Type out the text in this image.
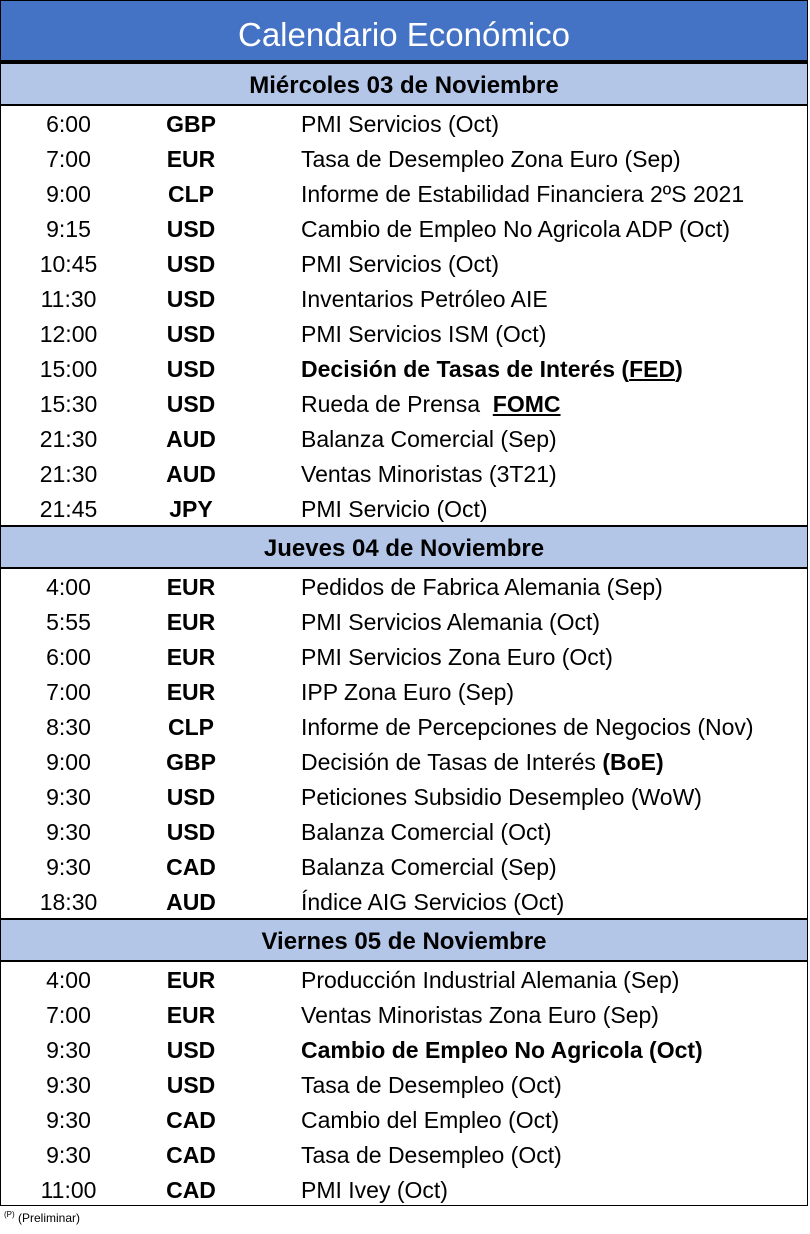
Calendario Económico
Miércoles 03 de Noviembre
6:00	GBP	PMI Servicios (Oct)
7:00	EUR	Tasa de Desempleo Zona Euro (Sep)
9:00	CLP	Informe de Estabilidad Financiera 2ºS 2021
9:15	USD	Cambio de Empleo No Agricola ADP (Oct)
10:45	USD	PMI Servicios (Oct)
11:30	USD	Inventarios Petróleo AIE
12:00	USD	PMI Servicios ISM (Oct)
15:00	USD	Decisión de Tasas de Interés (FED)
15:30	USD	Rueda de Prensa  FOMC
21:30	AUD	Balanza Comercial (Sep)
21:30	AUD	Ventas Minoristas (3T21)
21:45	JPY	PMI Servicio (Oct)
Jueves 04 de Noviembre
4:00	EUR	Pedidos de Fabrica Alemania (Sep)
5:55	EUR	PMI Servicios Alemania (Oct)
6:00	EUR	PMI Servicios Zona Euro (Oct)
7:00	EUR	IPP Zona Euro (Sep)
8:30	CLP	Informe de Percepciones de Negocios (Nov)
9:00	GBP	Decisión de Tasas de Interés (BoE)
9:30	USD	Peticiones Subsidio Desempleo (WoW)
9:30	USD	Balanza Comercial (Oct)
9:30	CAD	Balanza Comercial (Sep)
18:30	AUD	Índice AIG Servicios (Oct)
Viernes 05 de Noviembre
4:00	EUR	Producción Industrial Alemania (Sep)
7:00	EUR	Ventas Minoristas Zona Euro (Sep)
9:30	USD	Cambio de Empleo No Agricola (Oct)
9:30	USD	Tasa de Desempleo (Oct)
9:30	CAD	Cambio del Empleo (Oct)
9:30	CAD	Tasa de Desempleo (Oct)
11:00	CAD	PMI Ivey (Oct)
$^{(P)}$ (Preliminar)
